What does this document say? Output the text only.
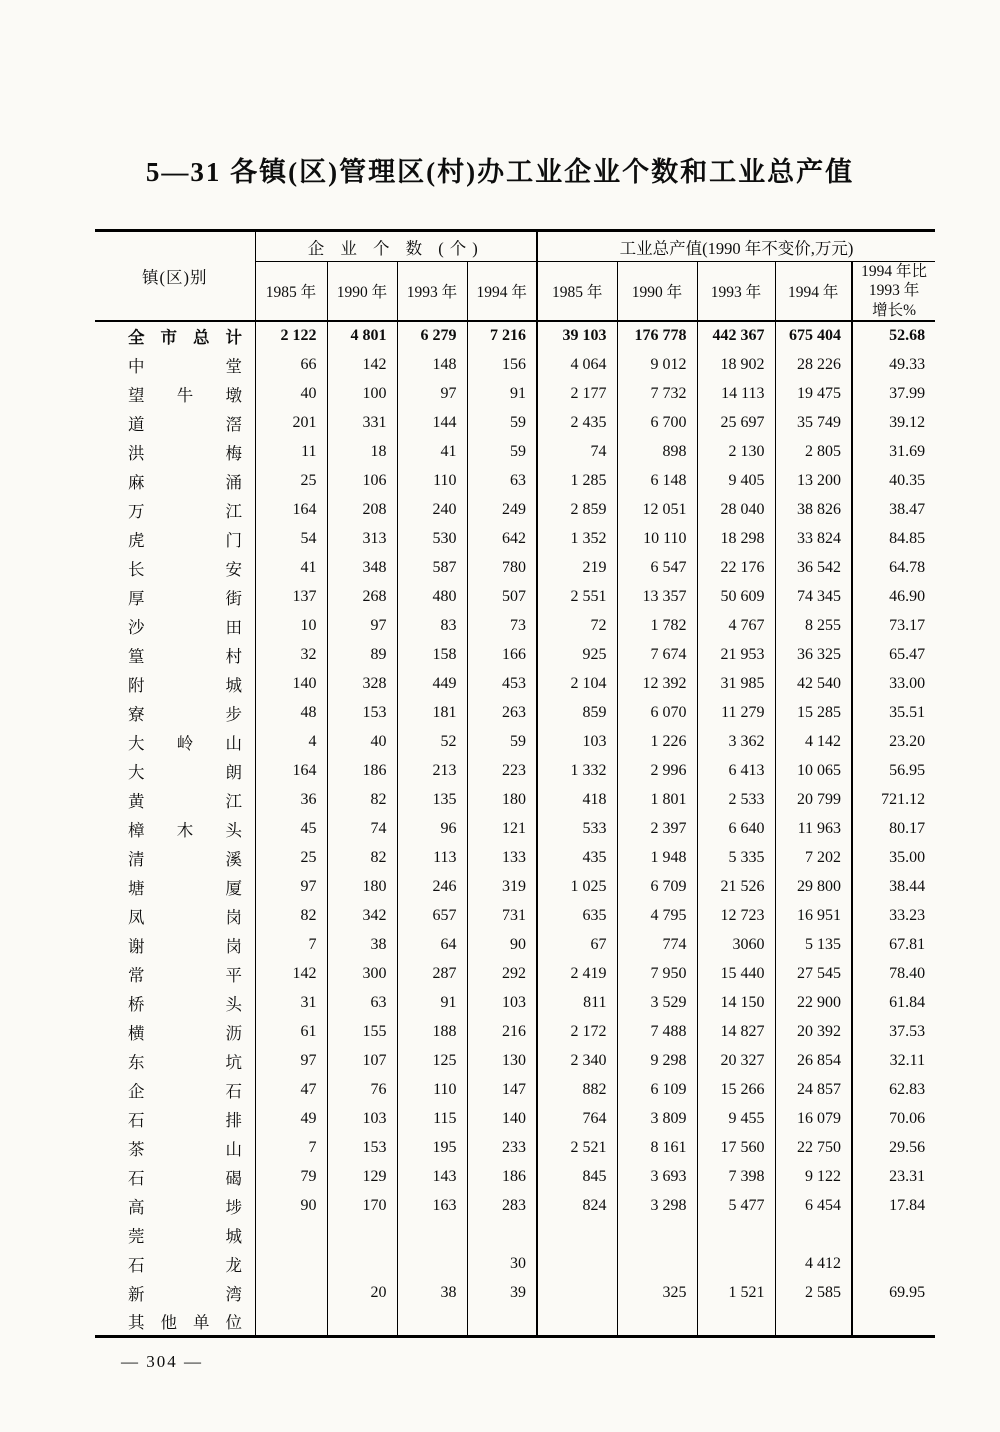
5—31 各镇(区)管理区(村)办工业企业个数和工业总产值
镇(区)别	企 业 个 数 (个)				工业总产值(1990 年不变价,万元)				
	1985 年	1990 年	1993 年	1994 年	1985 年	1990 年	1993 年	1994 年	1994 年比
1993 年
增长%

全 市 总 计	2 122	4 801	6 279	7 216	39 103	176 778	442 367	675 404	52.68

中 堂	66	142	148	156	4 064	9 012	18 902	28 226	49.33

望 牛 墩	40	100	97	91	2 177	7 732	14 113	19 475	37.99

道 滘	201	331	144	59	2 435	6 700	25 697	35 749	39.12

洪 梅	11	18	41	59	74	898	2 130	2 805	31.69

麻 涌	25	106	110	63	1 285	6 148	9 405	13 200	40.35

万 江	164	208	240	249	2 859	12 051	28 040	38 826	38.47

虎 门	54	313	530	642	1 352	10 110	18 298	33 824	84.85

长 安	41	348	587	780	219	6 547	22 176	36 542	64.78

厚 街	137	268	480	507	2 551	13 357	50 609	74 345	46.90

沙 田	10	97	83	73	72	1 782	4 767	8 255	73.17

篁 村	32	89	158	166	925	7 674	21 953	36 325	65.47

附 城	140	328	449	453	2 104	12 392	31 985	42 540	33.00

寮 步	48	153	181	263	859	6 070	11 279	15 285	35.51

大 岭 山	4	40	52	59	103	1 226	3 362	4 142	23.20

大 朗	164	186	213	223	1 332	2 996	6 413	10 065	56.95

黄 江	36	82	135	180	418	1 801	2 533	20 799	721.12

樟 木 头	45	74	96	121	533	2 397	6 640	11 963	80.17

清 溪	25	82	113	133	435	1 948	5 335	7 202	35.00

塘 厦	97	180	246	319	1 025	6 709	21 526	29 800	38.44

凤 岗	82	342	657	731	635	4 795	12 723	16 951	33.23

谢 岗	7	38	64	90	67	774	3060	5 135	67.81

常 平	142	300	287	292	2 419	7 950	15 440	27 545	78.40

桥 头	31	63	91	103	811	3 529	14 150	22 900	61.84

横 沥	61	155	188	216	2 172	7 488	14 827	20 392	37.53

东 坑	97	107	125	130	2 340	9 298	20 327	26 854	32.11

企 石	47	76	110	147	882	6 109	15 266	24 857	62.83

石 排	49	103	115	140	764	3 809	9 455	16 079	70.06

茶 山	7	153	195	233	2 521	8 161	17 560	22 750	29.56

石 碣	79	129	143	186	845	3 693	7 398	9 122	23.31

高 埗	90	170	163	283	824	3 298	5 477	6 454	17.84

莞 城									

石 龙				30				4 412	

新 湾		20	38	39		325	1 521	2 585	69.95

其 他 单 位									

— 304 —
